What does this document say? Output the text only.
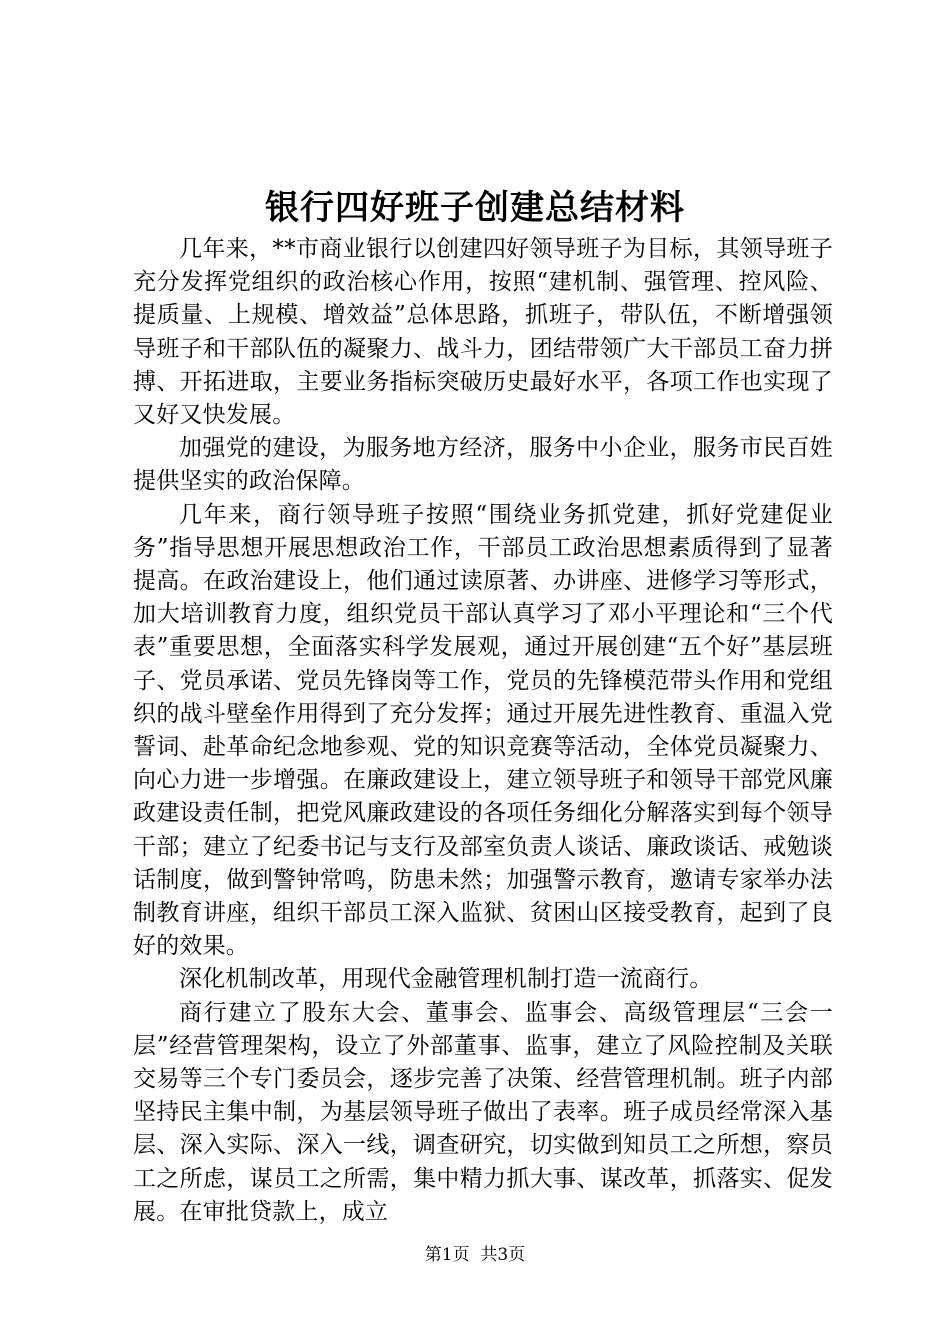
银行四好班子创建总结材料

几年来，**市商业银行以创建四好领导班子为目标，其领导班子充分发挥党组织的政治核心作用，按照“建机制、强管理、控风险、提质量、上规模、增效益”总体思路，抓班子，带队伍，不断增强领导班子和干部队伍的凝聚力、战斗力，团结带领广大干部员工奋力拼搏、开拓进取，主要业务指标突破历史最好水平，各项工作也实现了又好又快发展。

加强党的建设，为服务地方经济，服务中小企业，服务市民百姓提供坚实的政治保障。

几年来，商行领导班子按照“围绕业务抓党建，抓好党建促业务”指导思想开展思想政治工作，干部员工政治思想素质得到了显著提高。在政治建设上，他们通过读原著、办讲座、进修学习等形式，加大培训教育力度，组织党员干部认真学习了邓小平理论和“三个代表”重要思想，全面落实科学发展观，通过开展创建“五个好”基层班子、党员承诺、党员先锋岗等工作，党员的先锋模范带头作用和党组织的战斗壁垒作用得到了充分发挥；通过开展先进性教育、重温入党誓词、赴革命纪念地参观、党的知识竞赛等活动，全体党员凝聚力、向心力进一步增强。在廉政建设上，建立领导班子和领导干部党风廉政建设责任制，把党风廉政建设的各项任务细化分解落实到每个领导干部；建立了纪委书记与支行及部室负责人谈话、廉政谈话、戒勉谈话制度，做到警钟常鸣，防患未然；加强警示教育，邀请专家举办法制教育讲座，组织干部员工深入监狱、贫困山区接受教育，起到了良好的效果。

深化机制改革，用现代金融管理机制打造一流商行。

商行建立了股东大会、董事会、监事会、高级管理层“三会一层”经营管理架构，设立了外部董事、监事，建立了风险控制及关联交易等三个专门委员会，逐步完善了决策、经营管理机制。班子内部坚持民主集中制，为基层领导班子做出了表率。班子成员经常深入基层、深入实际、深入一线，调查研究，切实做到知员工之所想，察员工之所虑，谋员工之所需，集中精力抓大事、谋改革，抓落实、促发展。在审批贷款上，成立

第1页 共3页
